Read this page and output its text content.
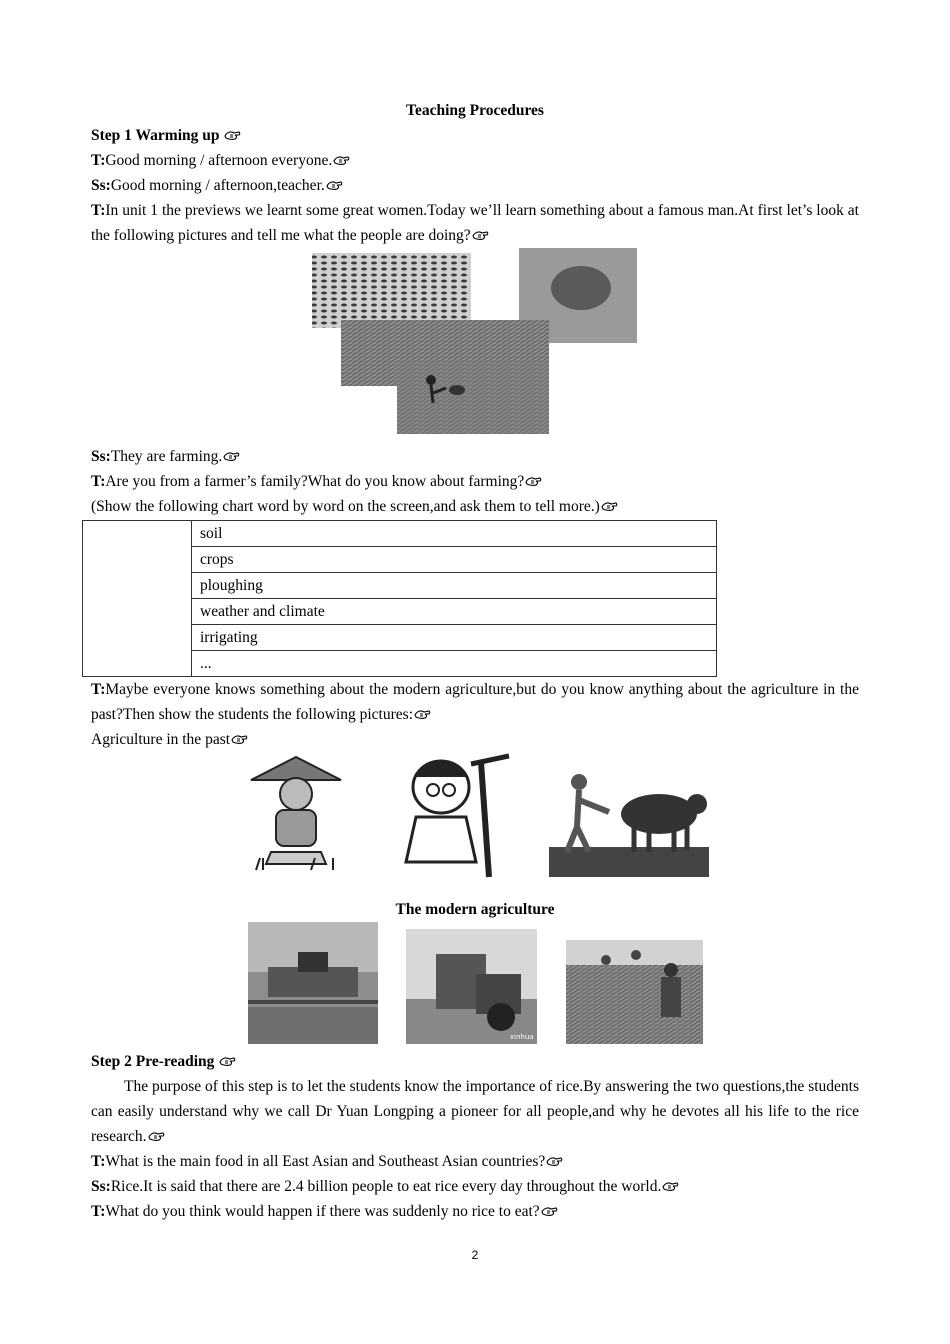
Teaching Procedures

Step 1 Warming up

T:Good morning / afternoon everyone.

Ss:Good morning / afternoon,teacher.

T:In unit 1 the previews we learnt some great women.Today we’ll learn something about a famous man.At first let’s look at the following pictures and tell me what the people are doing?

Ss:They are farming.

T:Are you from a farmer’s family?What do you know about farming?

(Show the following chart word by word on the screen,and ask them to tell more.)

	soil
crops
ploughing
weather and climate
irrigating
...

T:Maybe everyone knows something about the modern agriculture,but do you know anything about the agriculture in the past?Then show the students the following pictures:

Agriculture in the past

The modern agriculture

xinhua

Step 2 Pre-reading

The purpose of this step is to let the students know the importance of rice.By answering the two questions,the students can easily understand why we call Dr Yuan Longping a pioneer for all people,and why he devotes all his life to the rice research.

T:What is the main food in all East Asian and Southeast Asian countries?

Ss:Rice.It is said that there are 2.4 billion people to eat rice every day throughout the world.

T:What do you think would happen if there was suddenly no rice to eat?

2
